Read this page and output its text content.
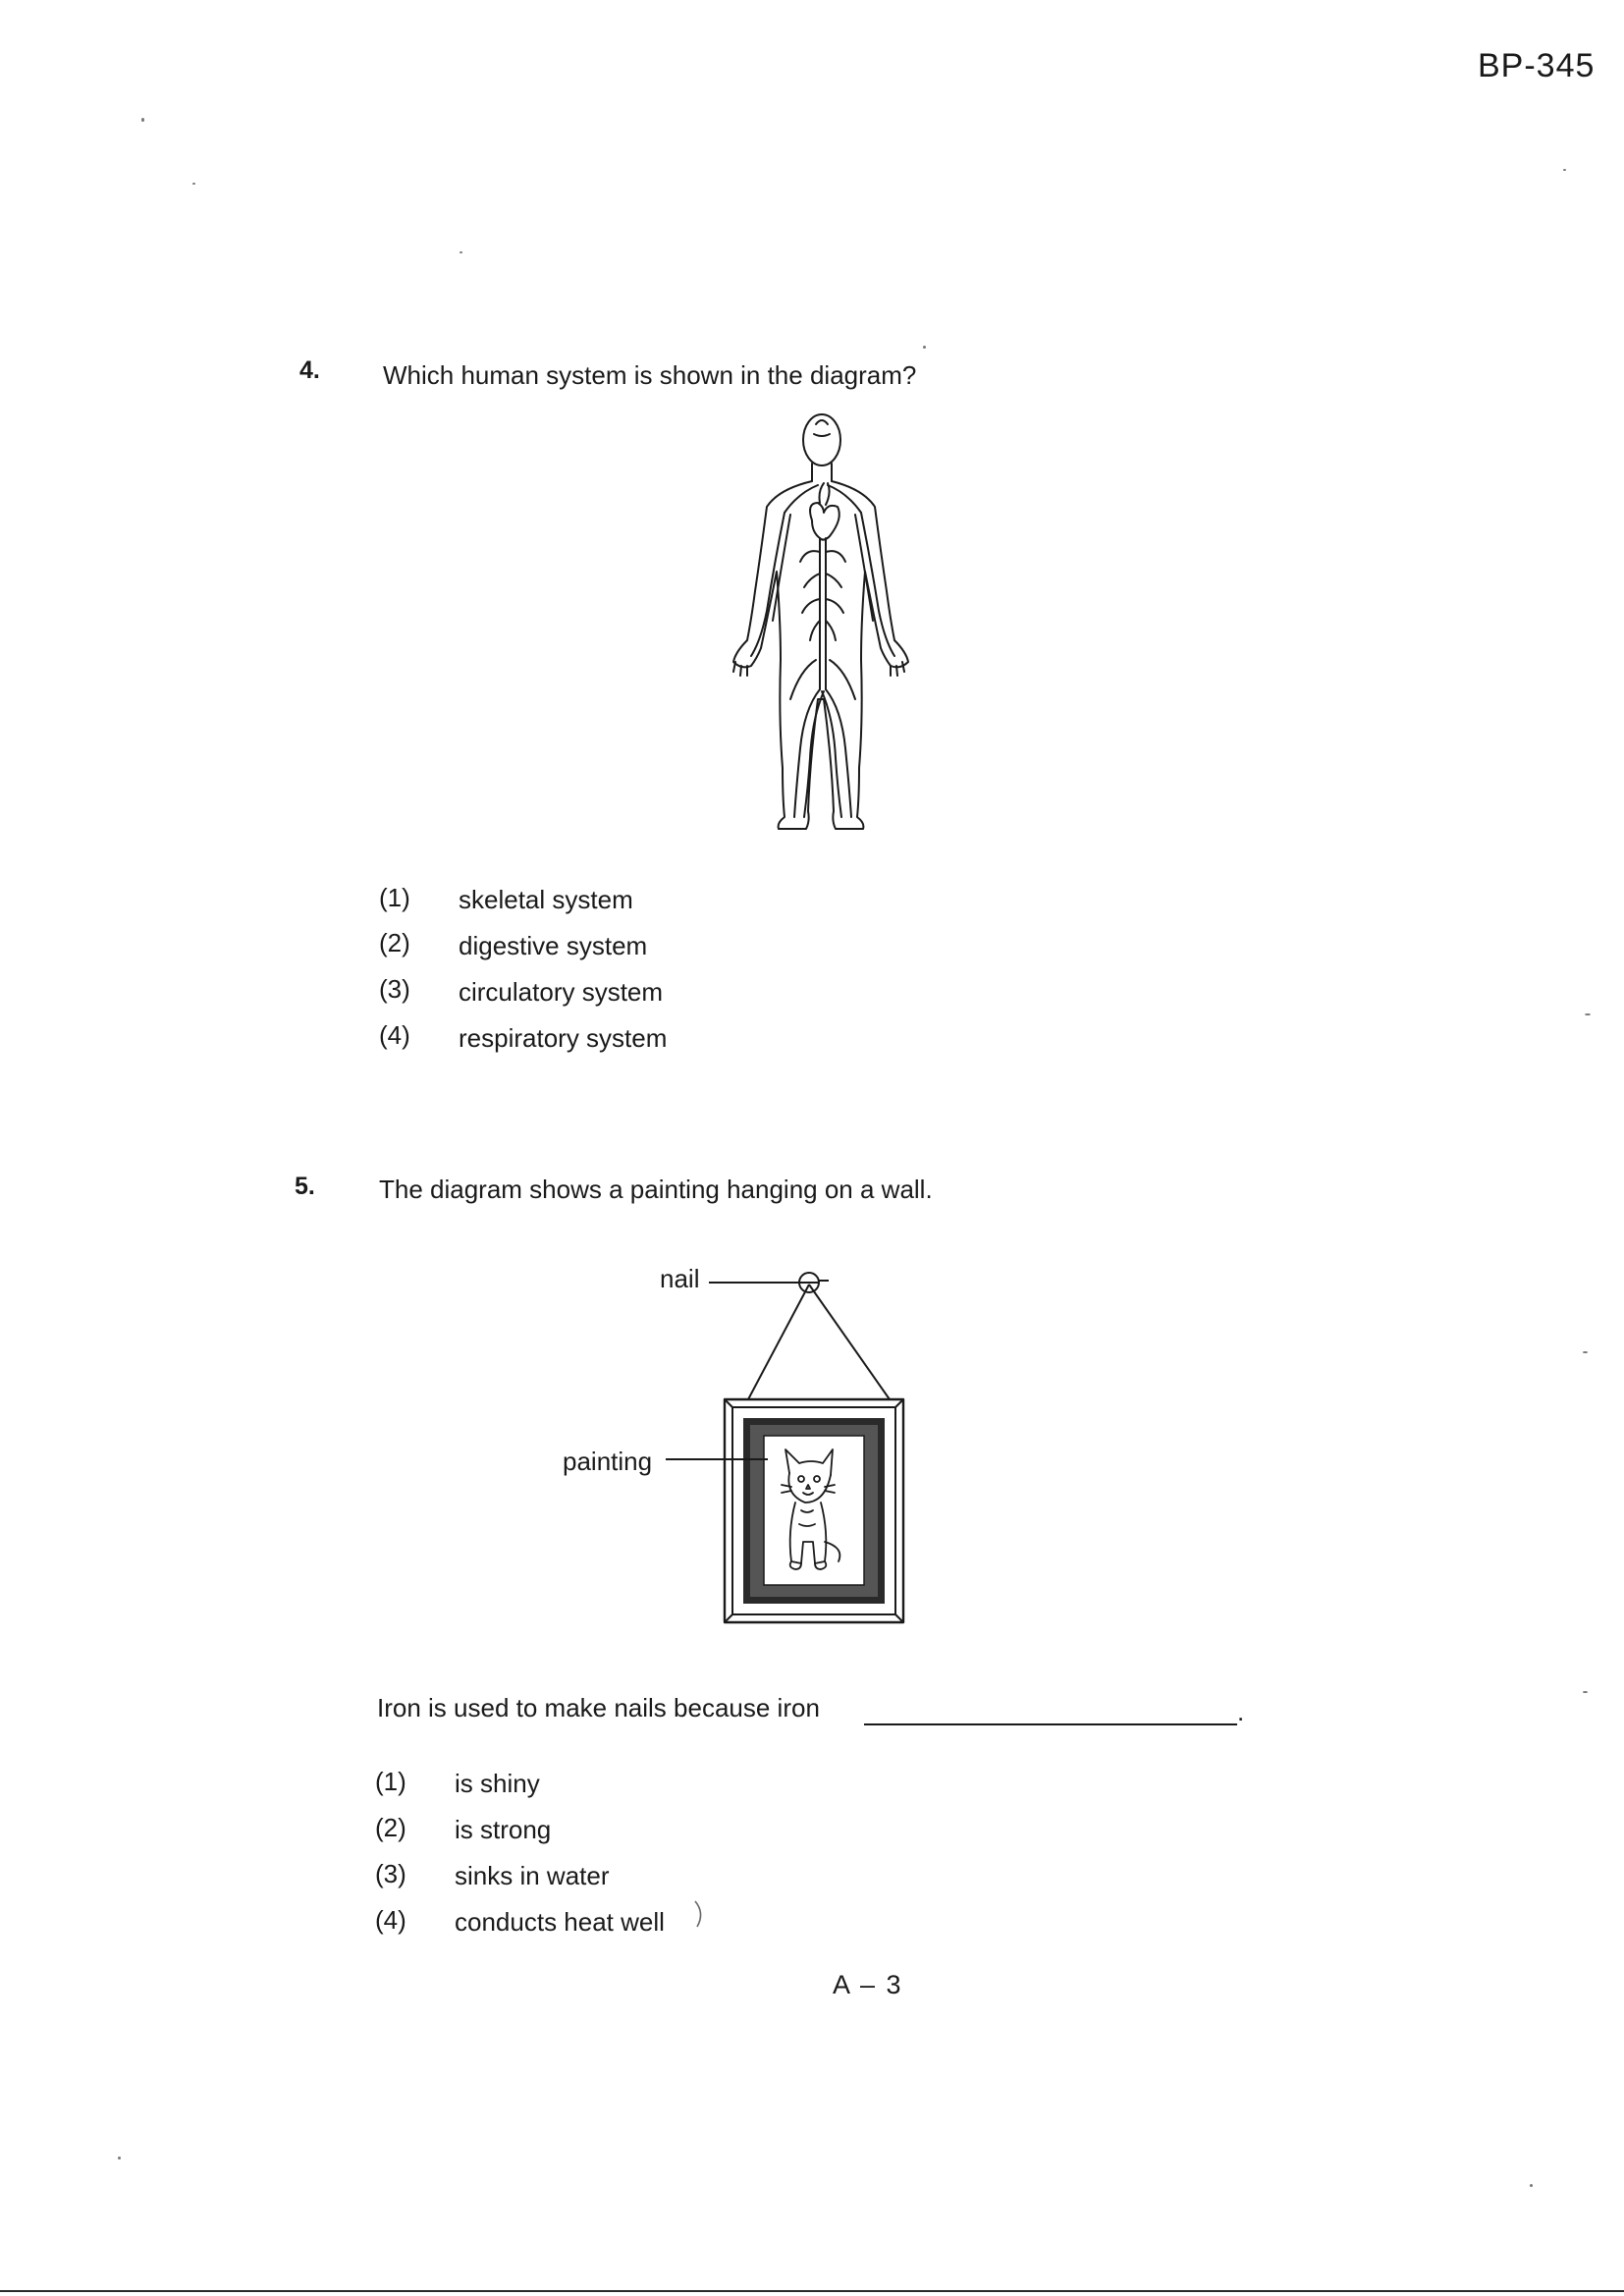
BP-345
4. Which human system is shown in the diagram?
(1) skeletal system
(2) digestive system
(3) circulatory system
(4) respiratory system
5.	The diagram shows a painting hanging on a wall.
nail
painting
Iron is used to make nails because iron	.
(1) is shiny
(2) is strong
(3) sinks in water
(4) conducts heat well
A – 3
